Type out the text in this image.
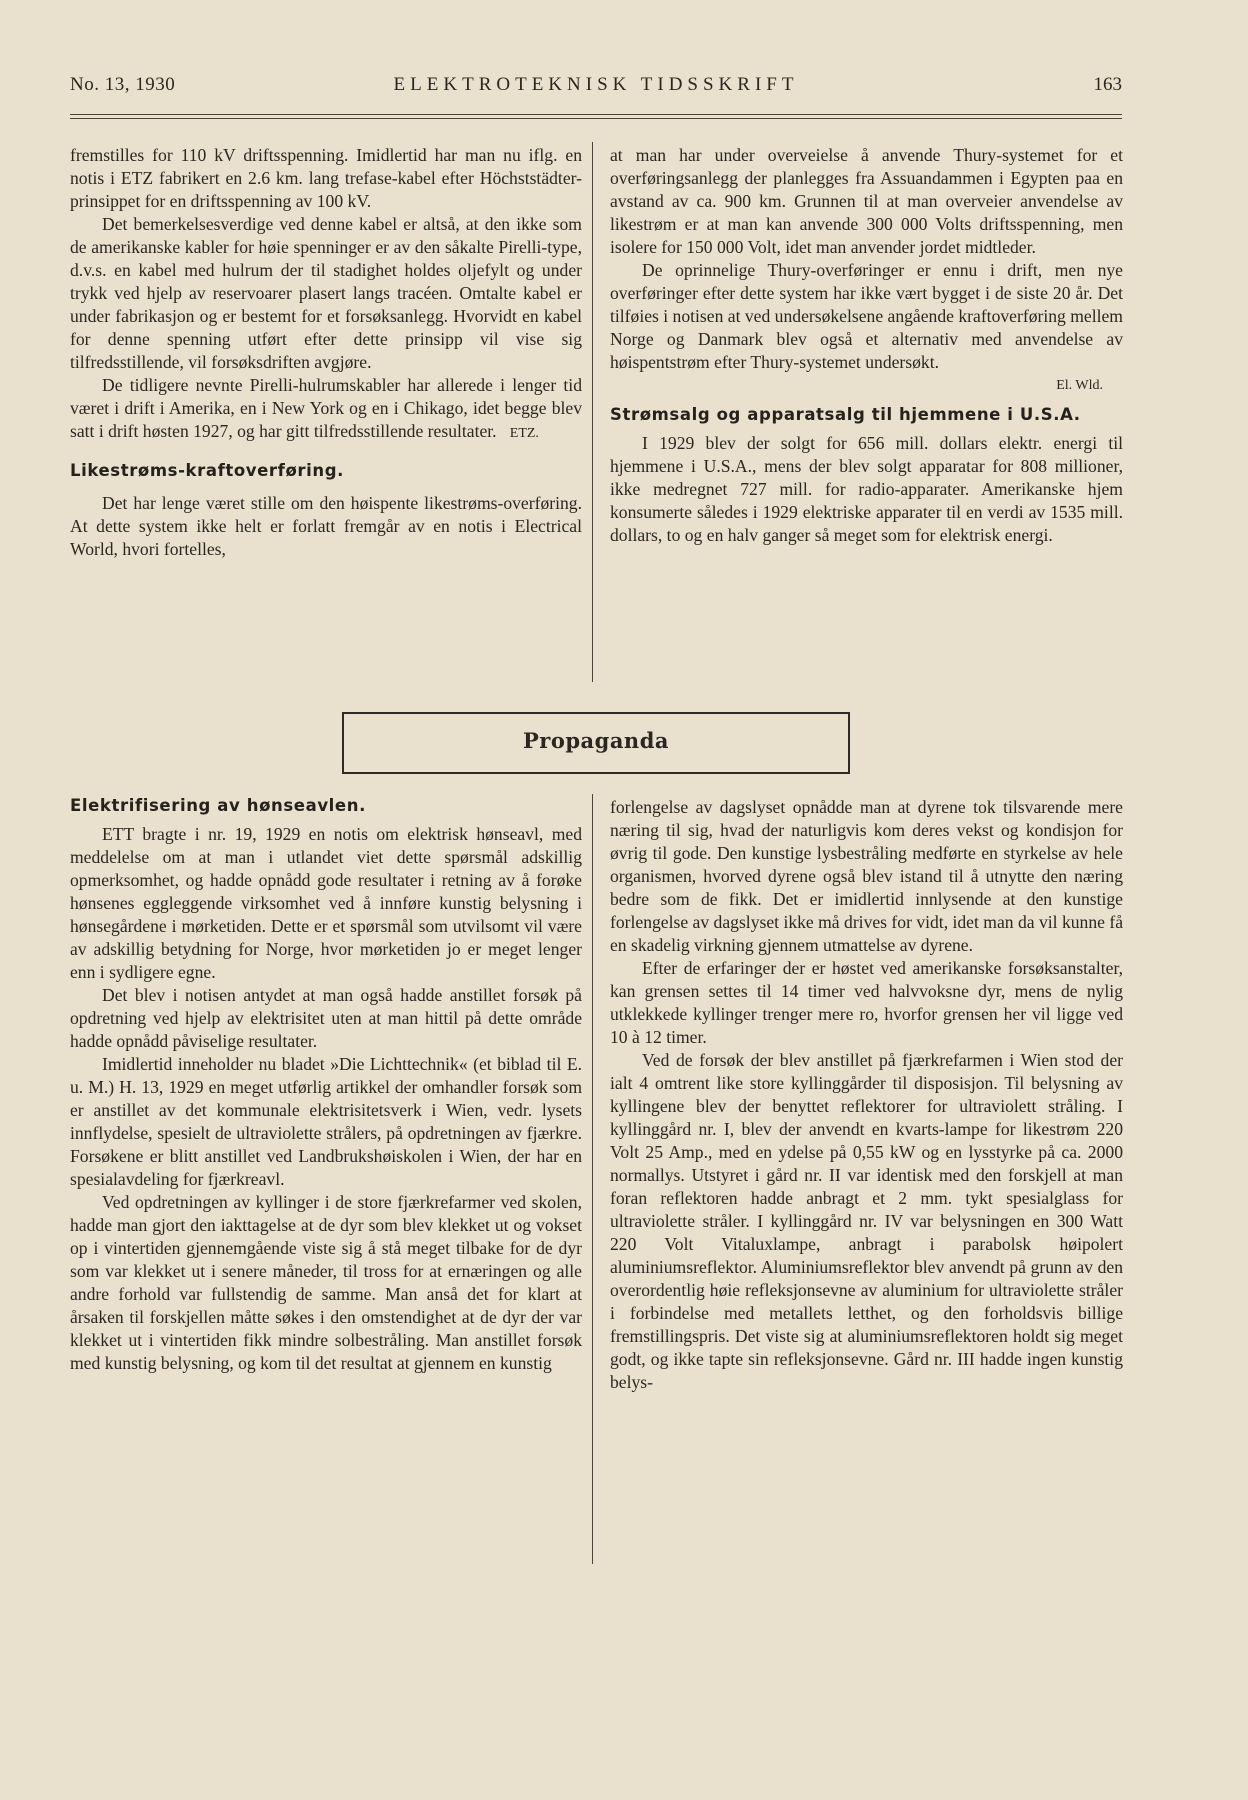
No. 13, 1930	ELEKTROTEKNISK TIDSSKRIFT	163

fremstilles for 110 kV driftsspenning. Imidlertid har man nu iflg. en notis i ETZ fabrikert en 2.6 km. lang trefase-kabel efter Höchststädter-prinsippet for en driftsspenning av 100 kV.

Det bemerkelsesverdige ved denne kabel er altså, at den ikke som de amerikanske kabler for høie spenninger er av den såkalte Pirelli-type, d.v.s. en kabel med hulrum der til stadighet holdes oljefylt og under trykk ved hjelp av reservoarer plasert langs tracéen. Omtalte kabel er under fabrikasjon og er bestemt for et forsøksanlegg. Hvorvidt en kabel for denne spenning utført efter dette prinsipp vil vise sig tilfredsstillende, vil forsøksdriften avgjøre.

De tidligere nevnte Pirelli-hulrumskabler har allerede i lenger tid været i drift i Amerika, en i New York og en i Chikago, idet begge blev satt i drift høsten 1927, og har gitt tilfredsstillende resultater. ETZ.

Likestrøms-kraftoverføring.

Det har lenge været stille om den høispente likestrøms-overføring. At dette system ikke helt er forlatt fremgår av en notis i Electrical World, hvori fortelles,

at man har under overveielse å anvende Thury-systemet for et overføringsanlegg der planlegges fra Assuandammen i Egypten paa en avstand av ca. 900 km. Grunnen til at man overveier anvendelse av likestrøm er at man kan anvende 300 000 Volts driftsspenning, men isolere for 150 000 Volt, idet man anvender jordet midtleder.

De oprinnelige Thury-overføringer er ennu i drift, men nye overføringer efter dette system har ikke vært bygget i de siste 20 år. Det tilføies i notisen at ved undersøkelsene angående kraftoverføring mellem Norge og Danmark blev også et alternativ med anvendelse av høispentstrøm efter Thury-systemet undersøkt.

El. Wld.
Strømsalg og apparatsalg til hjemmene i U.S.A.

I 1929 blev der solgt for 656 mill. dollars elektr. energi til hjemmene i U.S.A., mens der blev solgt apparatar for 808 millioner, ikke medregnet 727 mill. for radio-apparater. Amerikanske hjem konsumerte således i 1929 elektriske apparater til en verdi av 1535 mill. dollars, to og en halv ganger så meget som for elektrisk energi.

Propaganda
Elektrifisering av hønseavlen.

ETT bragte i nr. 19, 1929 en notis om elektrisk hønseavl, med meddelelse om at man i utlandet viet dette spørsmål adskillig opmerksomhet, og hadde opnådd gode resultater i retning av å forøke hønsenes eggleggende virksomhet ved å innføre kunstig belysning i hønsegårdene i mørketiden. Dette er et spørsmål som utvilsomt vil være av adskillig betydning for Norge, hvor mørketiden jo er meget lenger enn i sydligere egne.

Det blev i notisen antydet at man også hadde anstillet forsøk på opdretning ved hjelp av elektrisitet uten at man hittil på dette område hadde opnådd påviselige resultater.

Imidlertid inneholder nu bladet »Die Lichttechnik« (et biblad til E. u. M.) H. 13, 1929 en meget utførlig artikkel der omhandler forsøk som er anstillet av det kommunale elektrisitetsverk i Wien, vedr. lysets innflydelse, spesielt de ultraviolette strålers, på opdretningen av fjærkre. Forsøkene er blitt anstillet ved Landbrukshøiskolen i Wien, der har en spesialavdeling for fjærkreavl.

Ved opdretningen av kyllinger i de store fjærkrefarmer ved skolen, hadde man gjort den iakttagelse at de dyr som blev klekket ut og vokset op i vintertiden gjennemgående viste sig å stå meget tilbake for de dyr som var klekket ut i senere måneder, til tross for at ernæringen og alle andre forhold var fullstendig de samme. Man anså det for klart at årsaken til forskjellen måtte søkes i den omstendighet at de dyr der var klekket ut i vintertiden fikk mindre solbestråling. Man anstillet forsøk med kunstig belysning, og kom til det resultat at gjennem en kunstig

forlengelse av dagslyset opnådde man at dyrene tok tilsvarende mere næring til sig, hvad der naturligvis kom deres vekst og kondisjon for øvrig til gode. Den kunstige lysbestråling medførte en styrkelse av hele organismen, hvorved dyrene også blev istand til å utnytte den næring bedre som de fikk. Det er imidlertid innlysende at den kunstige forlengelse av dagslyset ikke må drives for vidt, idet man da vil kunne få en skadelig virkning gjennem utmattelse av dyrene.

Efter de erfaringer der er høstet ved amerikanske forsøksanstalter, kan grensen settes til 14 timer ved halvvoksne dyr, mens de nylig utklekkede kyllinger trenger mere ro, hvorfor grensen her vil ligge ved 10 à 12 timer.

Ved de forsøk der blev anstillet på fjærkrefarmen i Wien stod der ialt 4 omtrent like store kyllinggårder til disposisjon. Til belysning av kyllingene blev der benyttet reflektorer for ultraviolett stråling. I kyllinggård nr. I, blev der anvendt en kvarts-lampe for likestrøm 220 Volt 25 Amp., med en ydelse på 0,55 kW og en lysstyrke på ca. 2000 normallys. Utstyret i gård nr. II var identisk med den forskjell at man foran reflektoren hadde anbragt et 2 mm. tykt spesialglass for ultraviolette stråler. I kyllinggård nr. IV var belysningen en 300 Watt 220 Volt Vitaluxlampe, anbragt i parabolsk høipolert aluminiumsreflektor. Aluminiumsreflektor blev anvendt på grunn av den overordentlig høie refleksjonsevne av aluminium for ultraviolette stråler i forbindelse med metallets letthet, og den forholdsvis billige fremstillingspris. Det viste sig at aluminiumsreflektoren holdt sig meget godt, og ikke tapte sin refleksjonsevne. Gård nr. III hadde ingen kunstig belys-
